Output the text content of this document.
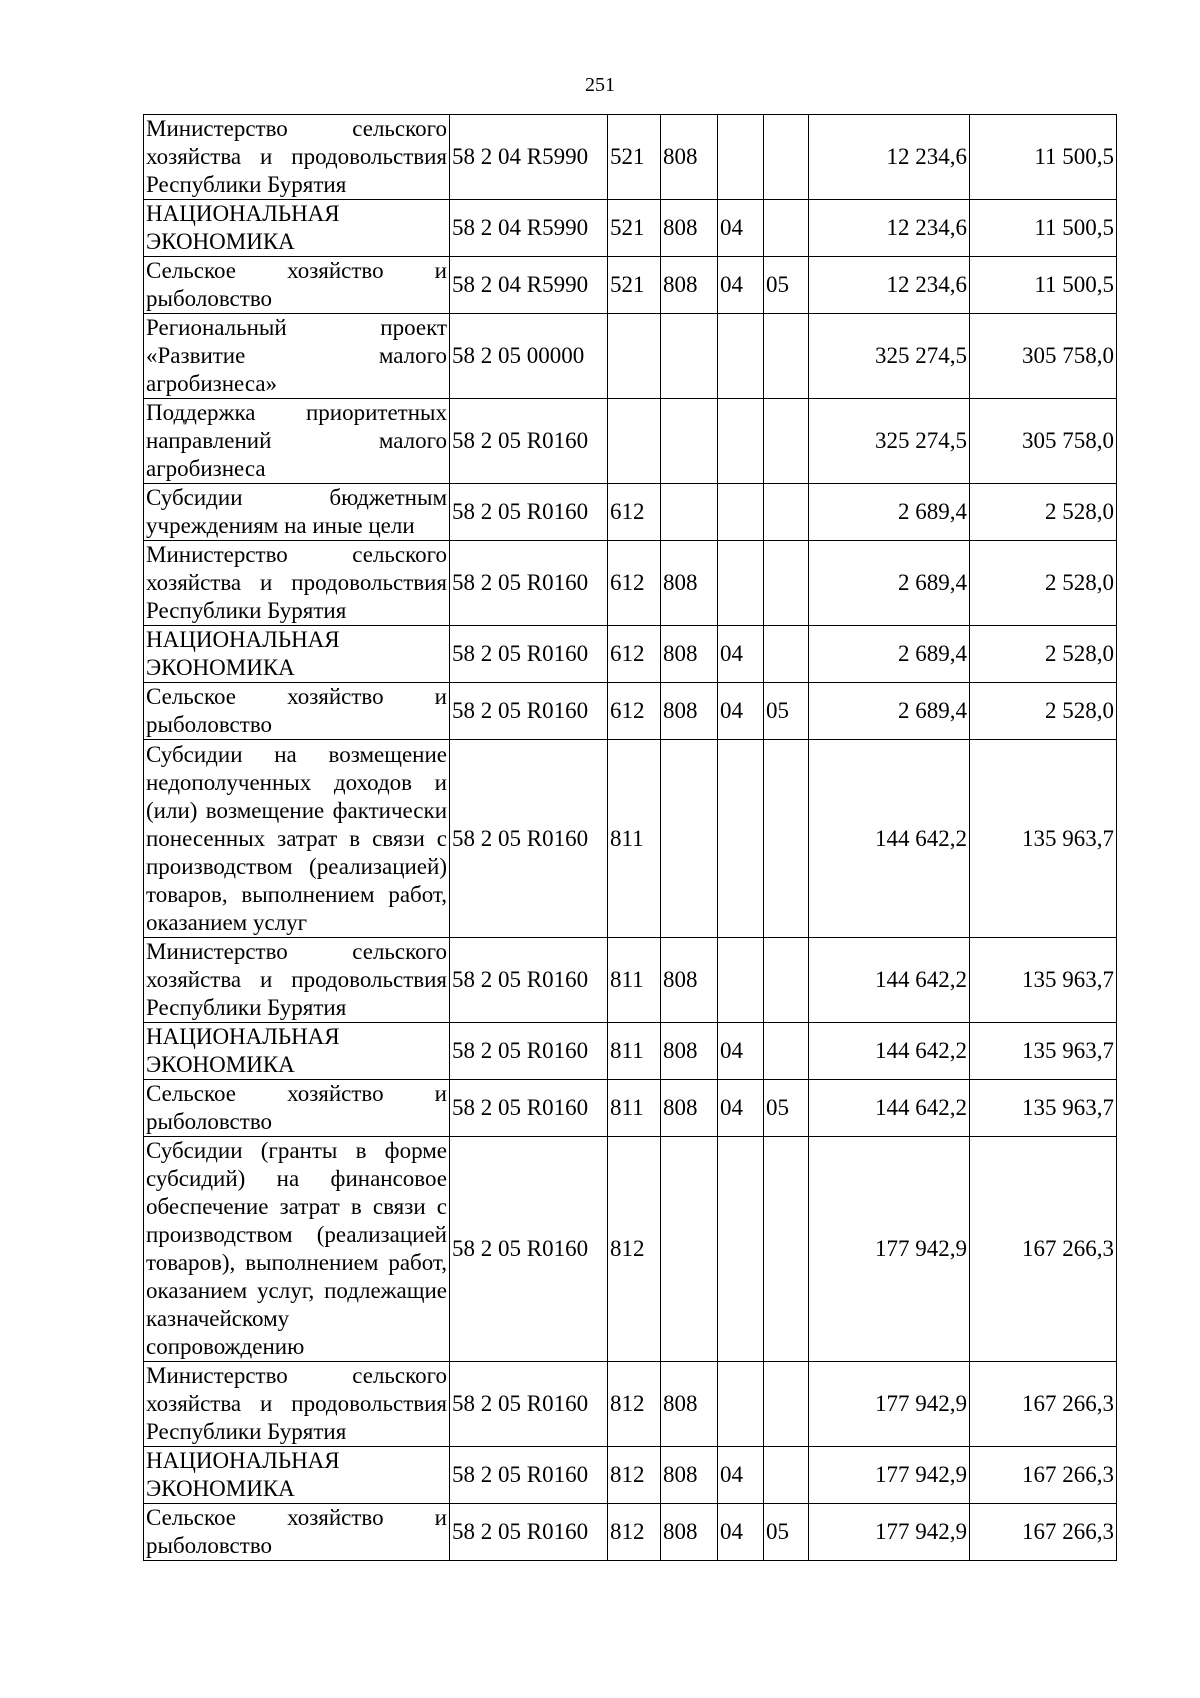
251
Министерство сельского хозяйства и продовольствия Республики Бурятия	58 2 04 R5990	521	808			12 234,6	11 500,5
НАЦИОНАЛЬНАЯ ЭКОНОМИКА	58 2 04 R5990	521	808	04		12 234,6	11 500,5
Сельское хозяйство и рыболовство	58 2 04 R5990	521	808	04	05	12 234,6	11 500,5
Региональный проект «Развитие малого агробизнеса»	58 2 05 00000					325 274,5	305 758,0
Поддержка приоритетных направлений малого агробизнеса	58 2 05 R0160					325 274,5	305 758,0
Субсидии бюджетным учреждениям на иные цели	58 2 05 R0160	612				2 689,4	2 528,0
Министерство сельского хозяйства и продовольствия Республики Бурятия	58 2 05 R0160	612	808			2 689,4	2 528,0
НАЦИОНАЛЬНАЯ ЭКОНОМИКА	58 2 05 R0160	612	808	04		2 689,4	2 528,0
Сельское хозяйство и рыболовство	58 2 05 R0160	612	808	04	05	2 689,4	2 528,0
Субсидии на возмещение недополученных доходов и (или) возмещение фактически понесенных затрат в связи с производством (реализацией) товаров, выполнением работ, оказанием услуг	58 2 05 R0160	811				144 642,2	135 963,7
Министерство сельского хозяйства и продовольствия Республики Бурятия	58 2 05 R0160	811	808			144 642,2	135 963,7
НАЦИОНАЛЬНАЯ ЭКОНОМИКА	58 2 05 R0160	811	808	04		144 642,2	135 963,7
Сельское хозяйство и рыболовство	58 2 05 R0160	811	808	04	05	144 642,2	135 963,7
Субсидии (гранты в форме субсидий) на финансовое обеспечение затрат в связи с производством (реализацией товаров), выполнением работ, оказанием услуг, подлежащие казначейскому сопровождению	58 2 05 R0160	812				177 942,9	167 266,3
Министерство сельского хозяйства и продовольствия Республики Бурятия	58 2 05 R0160	812	808			177 942,9	167 266,3
НАЦИОНАЛЬНАЯ ЭКОНОМИКА	58 2 05 R0160	812	808	04		177 942,9	167 266,3
Сельское хозяйство и рыболовство	58 2 05 R0160	812	808	04	05	177 942,9	167 266,3
